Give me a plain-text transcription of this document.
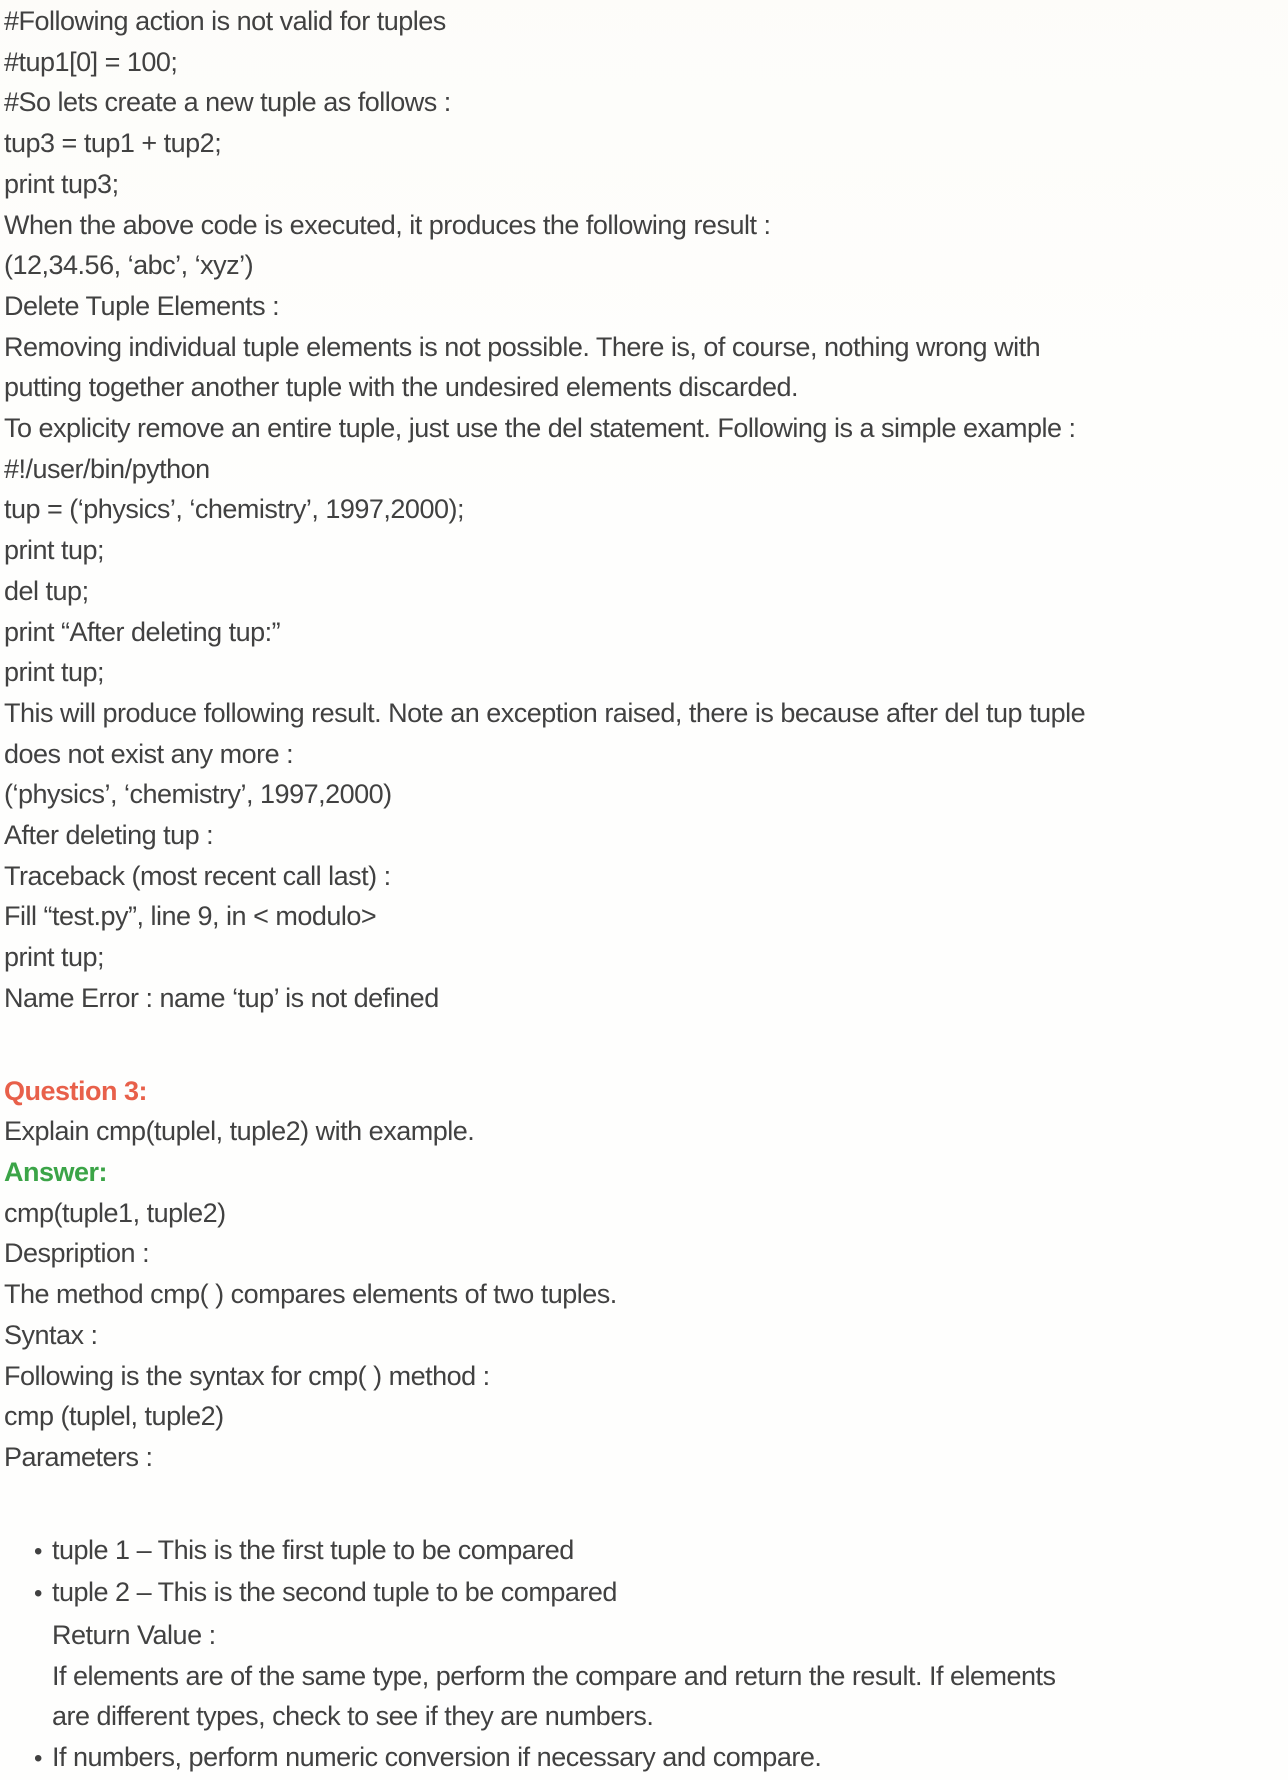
#Following action is not valid for tuples
#tup1[0] = 100;
#So lets create a new tuple as follows :
tup3 = tup1 + tup2;
print tup3;
When the above code is executed, it produces the following result :
(12,34.56, ‘abc’, ‘xyz’)
Delete Tuple Elements :
Removing individual tuple elements is not possible. There is, of course, nothing wrong with
putting together another tuple with the undesired elements discarded.
To explicity remove an entire tuple, just use the del statement. Following is a simple example :
#!/user/bin/python
tup = (‘physics’, ‘chemistry’, 1997,2000);
print tup;
del tup;
print “After deleting tup:”
print tup;
This will produce following result. Note an exception raised, there is because after del tup tuple
does not exist any more :
(‘physics’, ‘chemistry’, 1997,2000)
After deleting tup :
Traceback (most recent call last) :
Fill “test.py”, line 9, in < modulo>
print tup;
Name Error : name ‘tup’ is not defined
Question 3:
Explain cmp(tuplel, tuple2) with example.
Answer:
cmp(tuple1, tuple2)
Despription :
The method cmp( ) compares elements of two tuples.
Syntax :
Following is the syntax for cmp( ) method :
cmp (tuplel, tuple2)
Parameters :
• tuple 1 – This is the first tuple to be compared
• tuple 2 – This is the second tuple to be compared
Return Value :
If elements are of the same type, perform the compare and return the result. If elements
are different types, check to see if they are numbers.
• If numbers, perform numeric conversion if necessary and compare.
